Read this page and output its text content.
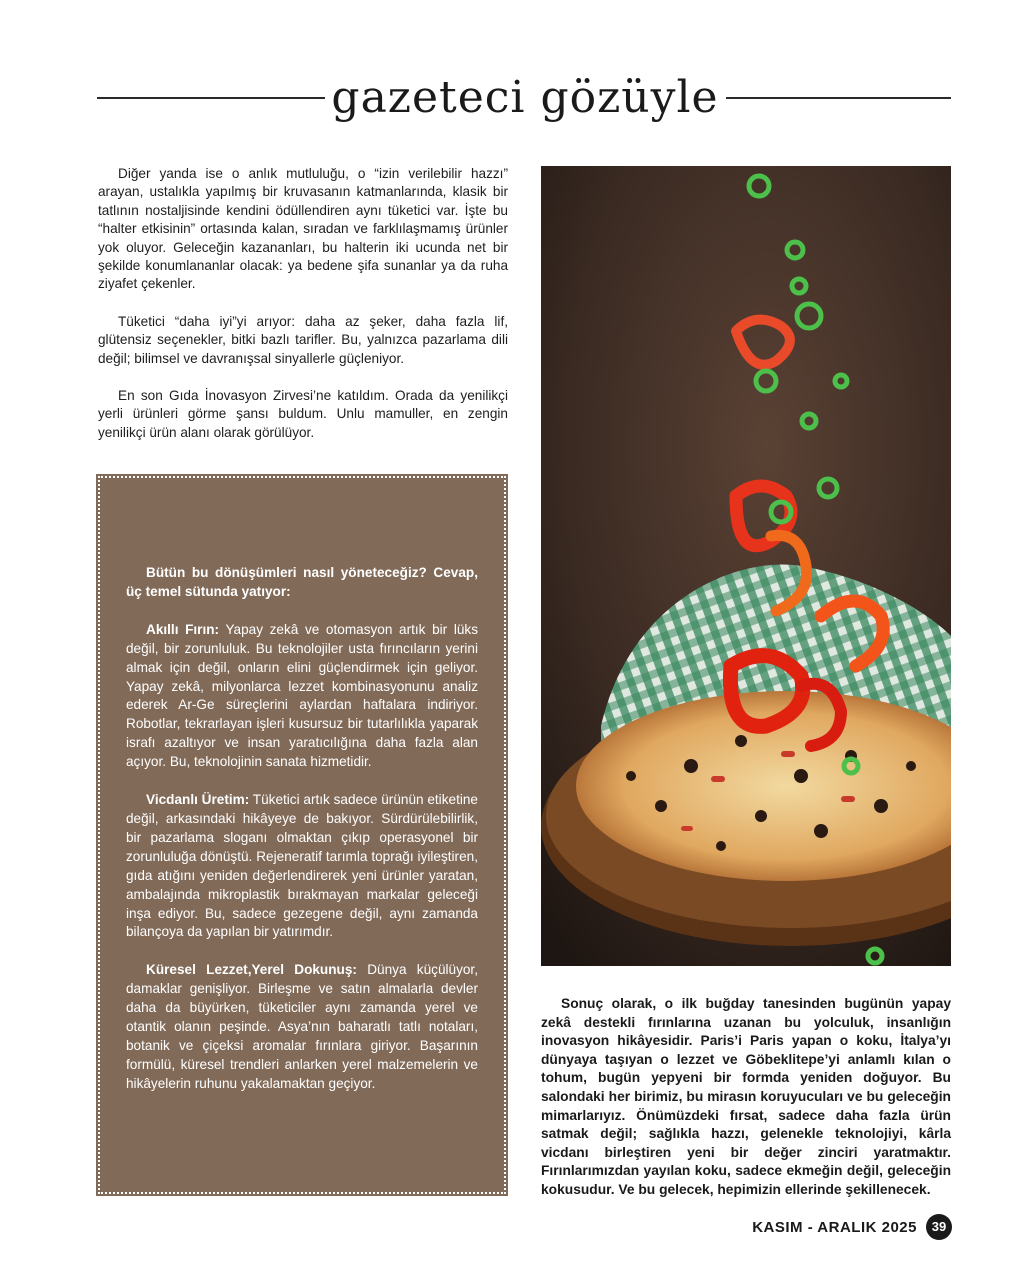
gazeteci gözüyle

Diğer yanda ise o anlık mutluluğu, o “izin verilebilir hazzı” arayan, ustalıkla yapılmış bir kruvasanın katmanlarında, klasik bir tatlının nostaljisinde kendini ödüllendiren aynı tüketici var. İşte bu “halter etkisinin” ortasında kalan, sıradan ve farklılaşmamış ürünler yok oluyor. Geleceğin kazananları, bu halterin iki ucunda net bir şekilde konumlananlar olacak: ya bedene şifa sunanlar ya da ruha ziyafet çekenler.

Tüketici “daha iyi”yi arıyor: daha az şeker, daha fazla lif, glütensiz seçenekler, bitki bazlı tarifler. Bu, yalnızca pazarlama dili değil; bilimsel ve davranışsal sinyallerle güçleniyor.

En son Gıda İnovasyon Zirvesi’ne katıldım. Orada da yenilikçi yerli ürünleri görme şansı buldum. Unlu mamuller, en zengin yenilikçi ürün alanı olarak görülüyor.

Bütün bu dönüşümleri nasıl yöneteceğiz? Cevap, üç temel sütunda yatıyor:

Akıllı Fırın: Yapay zekâ ve otomasyon artık bir lüks değil, bir zorunluluk. Bu teknolojiler usta fırıncıların yerini almak için değil, onların elini güçlendirmek için geliyor. Yapay zekâ, milyonlarca lezzet kombinasyonunu analiz ederek Ar-Ge süreçlerini aylardan haftalara indiriyor. Robotlar, tekrarlayan işleri kusursuz bir tutarlılıkla yaparak israfı azaltıyor ve insan yaratıcılığına daha fazla alan açıyor. Bu, teknolojinin sanata hizmetidir.

Vicdanlı Üretim: Tüketici artık sadece ürünün etiketine değil, arkasındaki hikâyeye de bakıyor. Sürdürülebilirlik, bir pazarlama sloganı olmaktan çıkıp operasyonel bir zorunluluğa dönüştü. Rejeneratif tarımla toprağı iyileştiren, gıda atığını yeniden değerlendirerek yeni ürünler yaratan, ambalajında mikroplastik bırakmayan markalar geleceği inşa ediyor. Bu, sadece gezegene değil, aynı zamanda bilançoya da yapılan bir yatırımdır.

Küresel Lezzet,Yerel Dokunuş: Dünya küçülüyor, damaklar genişliyor. Birleşme ve satın almalarla devler daha da büyürken, tüketiciler aynı zamanda yerel ve otantik olanın peşinde. Asya’nın baharatlı tatlı notaları, botanik ve çiçeksi aromalar fırınlara giriyor. Başarının formülü, küresel trendleri anlarken yerel malzemelerin ve hikâyelerin ruhunu yakalamaktan geçiyor.

Sonuç olarak, o ilk buğday tanesinden bugünün yapay zekâ destekli fırınlarına uzanan bu yolculuk, insanlığın inovasyon hikâyesidir. Paris’i Paris yapan o koku, İtalya’yı dünyaya taşıyan o lezzet ve Göbeklitepe’yi anlamlı kılan o tohum, bugün yepyeni bir formda yeniden doğuyor. Bu salondaki her birimiz, bu mirasın koruyucuları ve bu geleceğin mimarlarıyız. Önümüzdeki fırsat, sadece daha fazla ürün satmak değil; sağlıkla hazzı, gelenekle teknolojiyi, kârla vicdanı birleştiren yeni bir değer zinciri yaratmaktır. Fırınlarımızdan yayılan koku, sadece ekmeğin değil, geleceğin kokusudur. Ve bu gelecek, hepimizin ellerinde şekillenecek.
KASIM - ARALIK 2025	39
